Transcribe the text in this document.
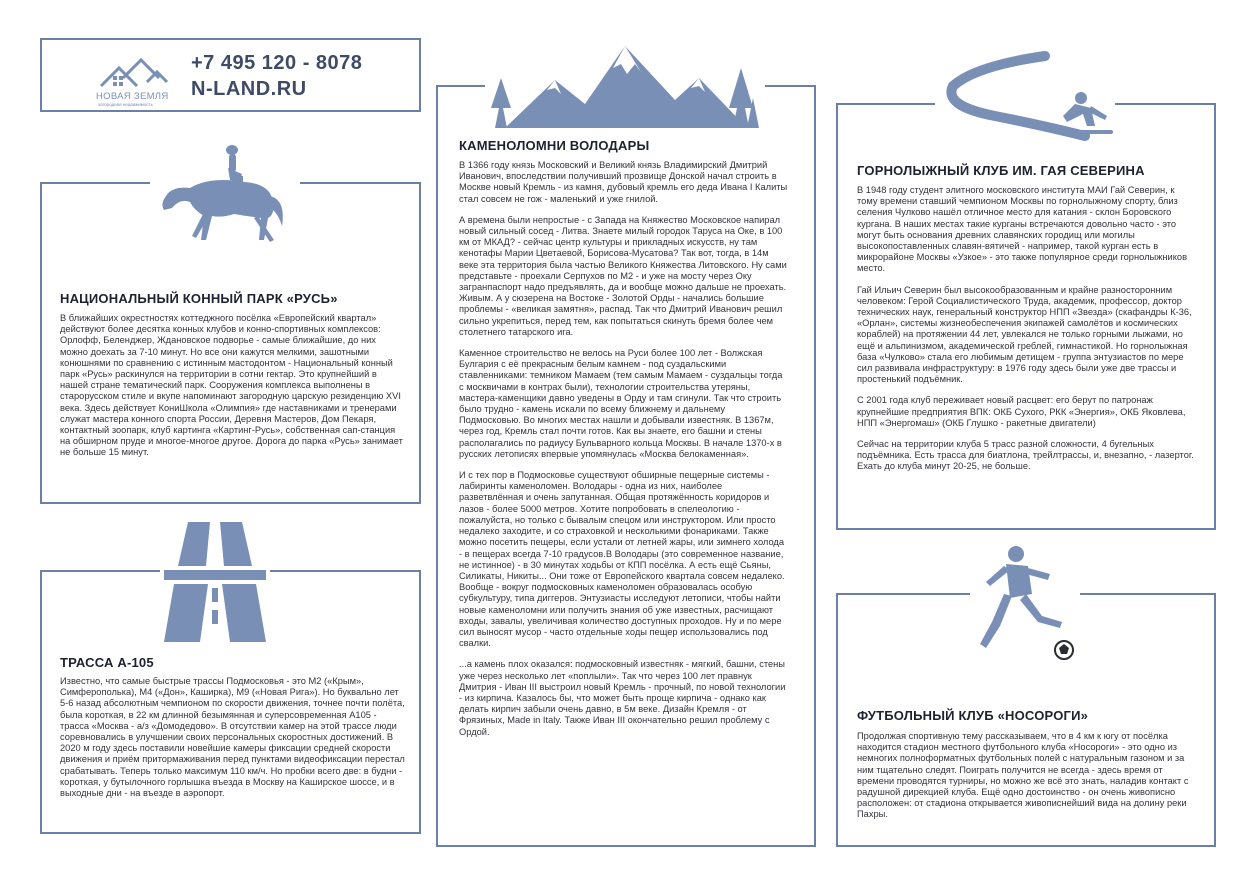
НОВАЯ ЗЕМЛЯ
загородная недвижимость
+7 495 120 - 8078
N-LAND.RU
НАЦИОНАЛЬНЫЙ КОННЫЙ ПАРК «РУСЬ»
В ближайших окрестностях коттеджного посёлка «Европейский квартал» действуют более десятка конных клубов и конно-спортивных комплексов: Орлофф, Беленджер, Ждановское подворье - самые ближайшие, до них можно доехать за 7-10 минут. Но все они кажутся мелкими, зашотными конюшнями по сравнению с истинным мастодонтом - Национальный конный парк «Русь» раскинулся на территории в сотни гектар. Это крупнейший в нашей стране тематический парк. Сооружения комплекса выполнены в старорусском стиле и вкупе напоминают загородную царскую резиденцию XVI века. Здесь действует КониШкола «Олимпия» где наставниками и тренерами служат мастера конного спорта России, Деревня Мастеров, Дом Пекаря, контактный зоопарк, клуб картинга «Картинг-Русь», собственная сап-станция на обширном пруде и многое-многое другое. Дорога до парка «Русь» занимает не больше 15 минут.
ТРАССА А-105
Известно, что самые быстрые трассы Подмосковья - это М2 («Крым», Симферополька), М4 («Дон», Каширка), М9 («Новая Рига»). Но буквально лет 5-6 назад абсолютным чемпионом по скорости движения, точнее почти полёта, была короткая, в 22 км длинной безымянная и суперсовременная А105 - трасса «Москва - а/з «Домодедово». В отсутствии камер на этой трассе люди соревновались в улучшении своих персональных скоростных достижений. В 2020 м году здесь поставили новейшие камеры фиксации средней скорости движения и приём притормаживания перед пунктами видеофиксации перестал срабатывать. Теперь только максимум 110 км/ч. Но пробки всего две: в будни - короткая, у бутылочного горлышка въезда в Москву на Каширское шоссе, и в выходные дни - на въезде в аэропорт.
КАМЕНОЛОМНИ ВОЛОДАРЫ

В 1366 году князь Московский и Великий князь Владимирский Дмитрий Иванович, впоследствии получивший прозвище Донской начал строить в Москве новый Кремль - из камня, дубовый кремль его деда Ивана I Калиты стал совсем не гож - маленький и уже гнилой.

А времена были непростые - с Запада на Княжество Московское напирал новый сильный сосед - Литва. Знаете милый городок Таруса на Оке, в 100 км от МКАД? - сейчас центр культуры и прикладных искусств, ну там кенотафы Марии Цветаевой, Борисова-Мусатова? Так вот, тогда, в 14м веке эта территория была частью Великого Княжества Литовского. Ну сами представьте - проехали Серпухов по М2 - и уже на мосту через Оку загранпаспорт надо предъявлять, да и вообще можно дальше не проехать. Живым. А у сюзерена на Востоке - Золотой Орды - начались большие проблемы - «великая замятня», распад. Так что Дмитрий Иванович решил сильно укрепиться, перед тем, как попытаться скинуть бремя более чем столетнего татарского ига.

Каменное строительство не велось на Руси более 100 лет - Волжская Булгария с её прекрасным белым камнем - под суздальскими ставленниками: темником Мамаем (тем самым Мамаем - суздальцы тогда с москвичами в контрах были), технологии строительства утеряны, мастера-каменщики давно уведены в Орду и там сгинули. Так что строить было трудно - камень искали по всему ближнему и дальнему Подмосковью. Во многих местах нашли и добывали известняк. В 1367м, через год, Кремль стал почти готов. Как вы знаете, его башни и стены располагались по радиусу Бульварного кольца Москвы. В начале 1370-х в русских летописях впервые упомянулась «Москва белокаменная».

И с тех пор в Подмосковье существуют обширные пещерные системы - лабиринты каменоломен. Володары - одна из них, наиболее разветвлённая и очень запутанная. Общая протяжённость коридоров и лазов - более 5000 метров. Хотите попробовать в спелеологию - пожалуйста, но только с бывалым спецом или инструктором. Или просто недалеко заходите, и со страховкой и несколькими фонариками. Также можно посетить пещеры, если устали от летней жары, или зимнего холода - в пещерах всегда 7-10 градусов.В Володары (это современное название, не истинное) - в 30 минутах ходьбы от КПП посёлка. А есть ещё Сьяны, Силикаты, Никиты... Они тоже от Европейского квартала совсем недалеко. Вообще - вокруг подмосковных каменоломен образовалась особую субкультуру, типа диггеров. Энтузиасты исследуют летописи, чтобы найти новые каменоломни или получить знания об уже известных, расчищают входы, завалы, увеличивая количество доступных проходов. Ну и по мере сил выносят мусор - часто отдельные ходы пещер использовались под свалки.

...а камень плох оказался: подмосковный известняк - мягкий, башни, стены уже через несколько лет «поплыли». Так что через 100 лет правнук Дмитрия - Иван III выстроил новый Кремль - прочный, по новой технологии - из кирпича. Казалось бы, что может быть проще кирпича - однако как делать кирпич забыли очень давно, в 5м веке. Дизайн Кремля - от Фрязиных, Made in Italy. Также Иван III окончательно решил проблему с Ордой.

ГОРНОЛЫЖНЫЙ КЛУБ ИМ. ГАЯ СЕВЕРИНА

В 1948 году студент элитного московского института МАИ Гай Северин, к тому времени ставший чемпионом Москвы по горнолыжному спорту, близ селения Чулково нашёл отличное место для катания - склон Боровского кургана. В наших местах такие курганы встречаются довольно часто - это могут быть основания древних славянских городищ или могилы высокопоставленных славян-вятичей - например, такой курган есть в микрорайоне Москвы «Узкое» - это также популярное среди горнолыжников место.

Гай Ильич Северин был высокообразованным и крайне разносторонним человеком: Герой Социалистического Труда, академик, профессор, доктор технических наук, генеральный конструктор НПП «Звезда» (скафандры К-36, «Орлан», системы жизнеобеспечения экипажей самолётов и космических кораблей) на протяжении 44 лет, увлекался не только горными лыжами, но ещё и альпинизмом, академической греблей, гимнастикой. Но горнолыжная база «Чулково» стала его любимым детищем - группа энтузиастов по мере сил развивала инфраструктуру: в 1976 году здесь были уже две трассы и простенький подъёмник.

С 2001 года клуб переживает новый расцвет: его берут по патронаж крупнейшие предприятия ВПК: ОКБ Сухого, РКК «Энергия», ОКБ Яковлева, НПП «Энергомаш» (ОКБ Глушко - ракетные двигатели)

Сейчас на территории клуба 5 трасс разной сложности, 4 бугельных подъёмника. Есть трасса для биатлона, трейлтрассы, и, внезапно, - лазертог. Ехать до клуба минут 20-25, не больше.

ФУТБОЛЬНЫЙ КЛУБ «НОСОРОГИ»
Продолжая спортивную тему рассказываем, что в 4 км к югу от посёлка находится стадион местного футбольного клуба «Носороги» - это одно из немногих полноформатных футбольных полей с натуральным газоном и за ним тщательно следят. Поиграть получится не всегда - здесь время от времени проводятся турниры, но можно же всё это знать, наладив контакт с радушной дирекцией клуба. Ещё одно достоинство - он очень живописно расположен: от стадиона открывается живописнейший вида на долину реки Пахры.
